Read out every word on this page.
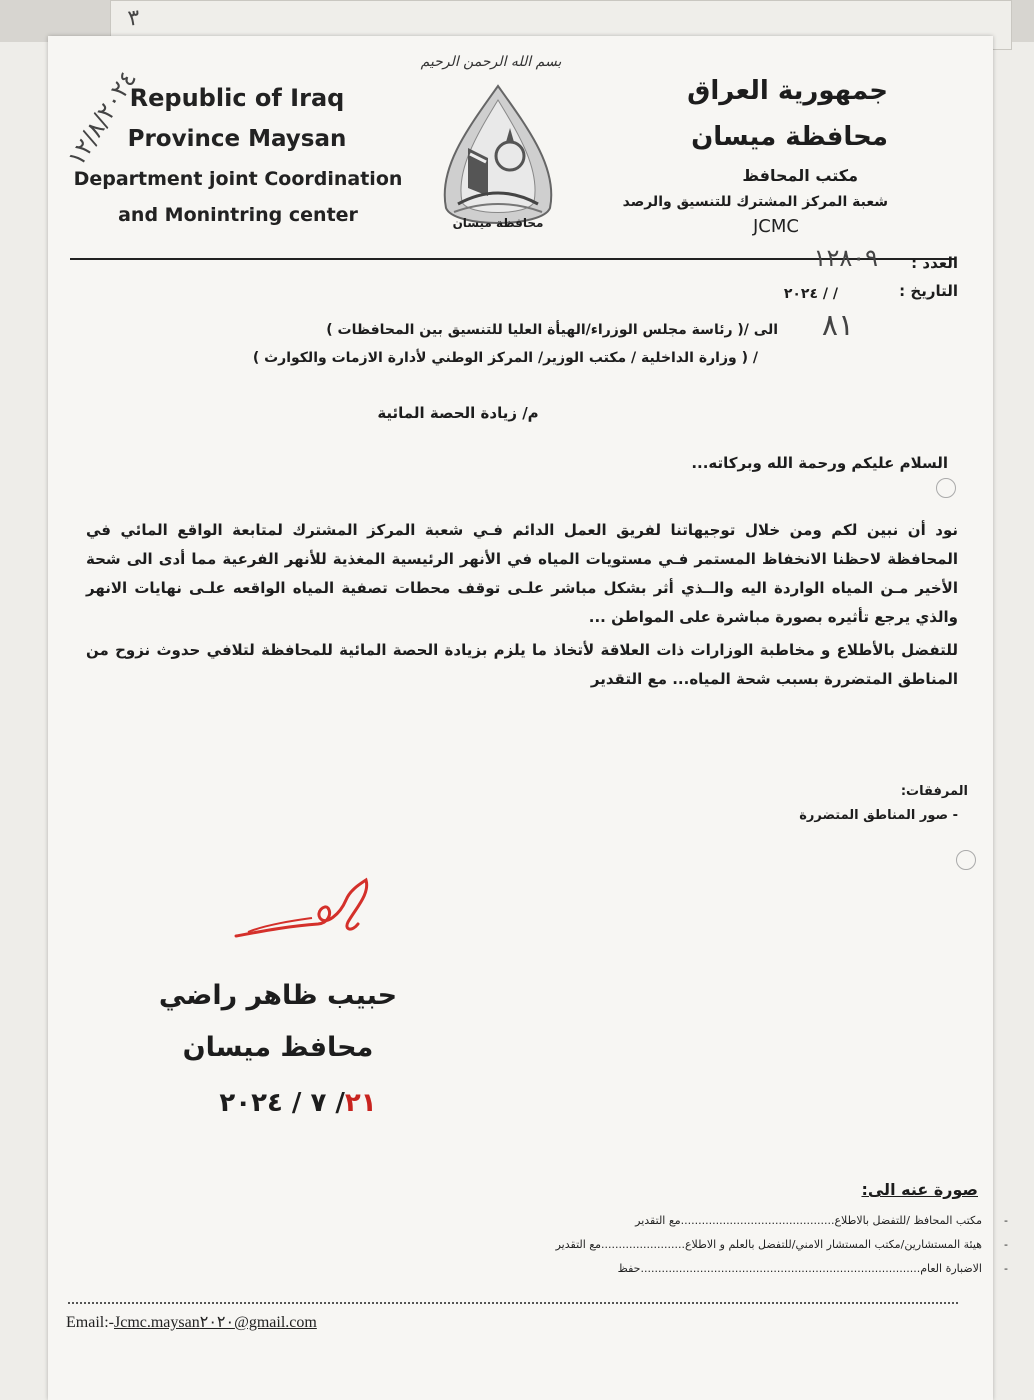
٣
١٢/٨/٢٠٢٤
Republic of Iraq
Province Maysan
Department joint Coordination
and Monintring center
بسم الله الرحمن الرحيم
محافظة ميسان
جمهورية العراق
محافظة ميسان
مكتب المحافظ
شعبة المركز المشترك للتنسيق والرصد
JCMC
العدد :
١٢٨٠٩
التاريخ :
/ / ٢٠٢٤
٨١
الى /( رئاسة مجلس الوزراء/الهيأة العليا للتنسيق بين المحافظات )
/ ( وزارة الداخلية / مكتب الوزير/ المركز الوطني لأدارة الازمات والكوارث )
م/ زيادة الحصة المائية
السلام عليكم ورحمة الله وبركاته...
نود أن نبين لكم ومن خلال توجيهاتنا لفريق العمل الدائم فـي شعبة المركز المشترك لمتابعة الواقع المائي في المحافظة لاحظنا الانخفاظ المستمر فـي مستويات المياه في الأنهر الرئيسية المغذية للأنهر الفرعية مما أدى الى شحة الأخير مـن المياه الواردة اليه والــذي أثر بشكل مباشر علـى توقف محطات تصفية المياه الواقعه علـى نهايات الانهر والذي يرجع تأثيره بصورة مباشرة على المواطن ...
للتفضل بالأطلاع و مخاطبة الوزارات ذات العلاقة لأتخاذ ما يلزم بزيادة الحصة المائية للمحافظة لتلافي حدوث نزوح من المناطق المتضررة بسبب شحة المياه... مع التقدير
المرفقات:
- صور المناطق المتضررة
حبيب ظاهر راضي
محافظ ميسان
٢١/ ٧ / ٢٠٢٤
صورة عنه الى:
-مكتب المحافظ /للتفضل بالاطلاع............................................مع التقدير
-هيئة المستشارين/مكتب المستشار الامني/للتفضل بالعلم و الاطلاع........................مع التقدير
-الاضبارة العام................................................................................حفظ
Email:-Jcmc.maysan٢٠٢٠@gmail.com
